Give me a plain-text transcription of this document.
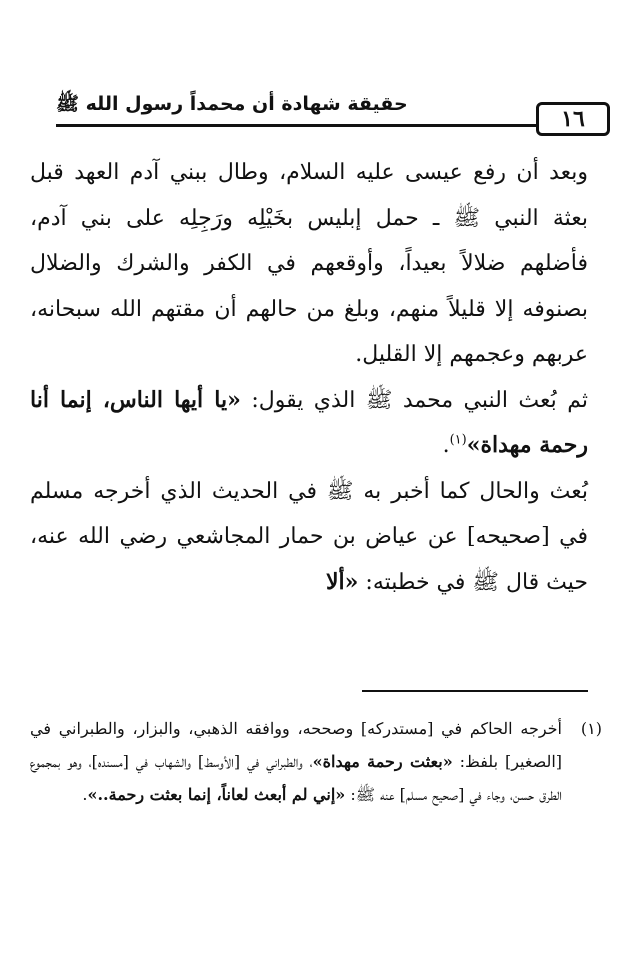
١٦
حقيقة شهادة أن محمداً رسول الله ﷺ

وبعد أن رفع عيسى عليه السلام، وطال ببني آدم العهد قبل بعثة النبي ﷺ ـ حمل إبليس بخَيْلِه ورَجِلِه على بني آدم، فأضلهم ضلالاً بعيداً، وأوقعهم في الكفر والشرك والضلال بصنوفه إلا قليلاً منهم، وبلغ من حالهم أن مقتهم الله سبحانه، عربهم وعجمهم إلا القليل.

ثم بُعث النبي محمد ﷺ الذي يقول: «يا أيها الناس، إنما أنا رحمة مهداة»$^{(١)}$.

بُعث والحال كما أخبر به ﷺ في الحديث الذي أخرجه مسلم في [صحيحه] عن عياض بن حمار المجاشعي رضي الله عنه، حيث قال ﷺ في خطبته: «ألا

(١)
أخرجه الحاكم في [مستدركه] وصححه، ووافقه الذهبي، والبزار، والطبراني في [الصغير] بلفظ: «بعثت رحمة مهداة»، والطبراني في [الأوسط] والشهاب في [مسنده]، وهو بمجموع الطرق حسن، وجاء في [صحيح مسلم] عنه ﷺ: «إني لم أبعث لعاناً، إنما بعثت رحمة..».
